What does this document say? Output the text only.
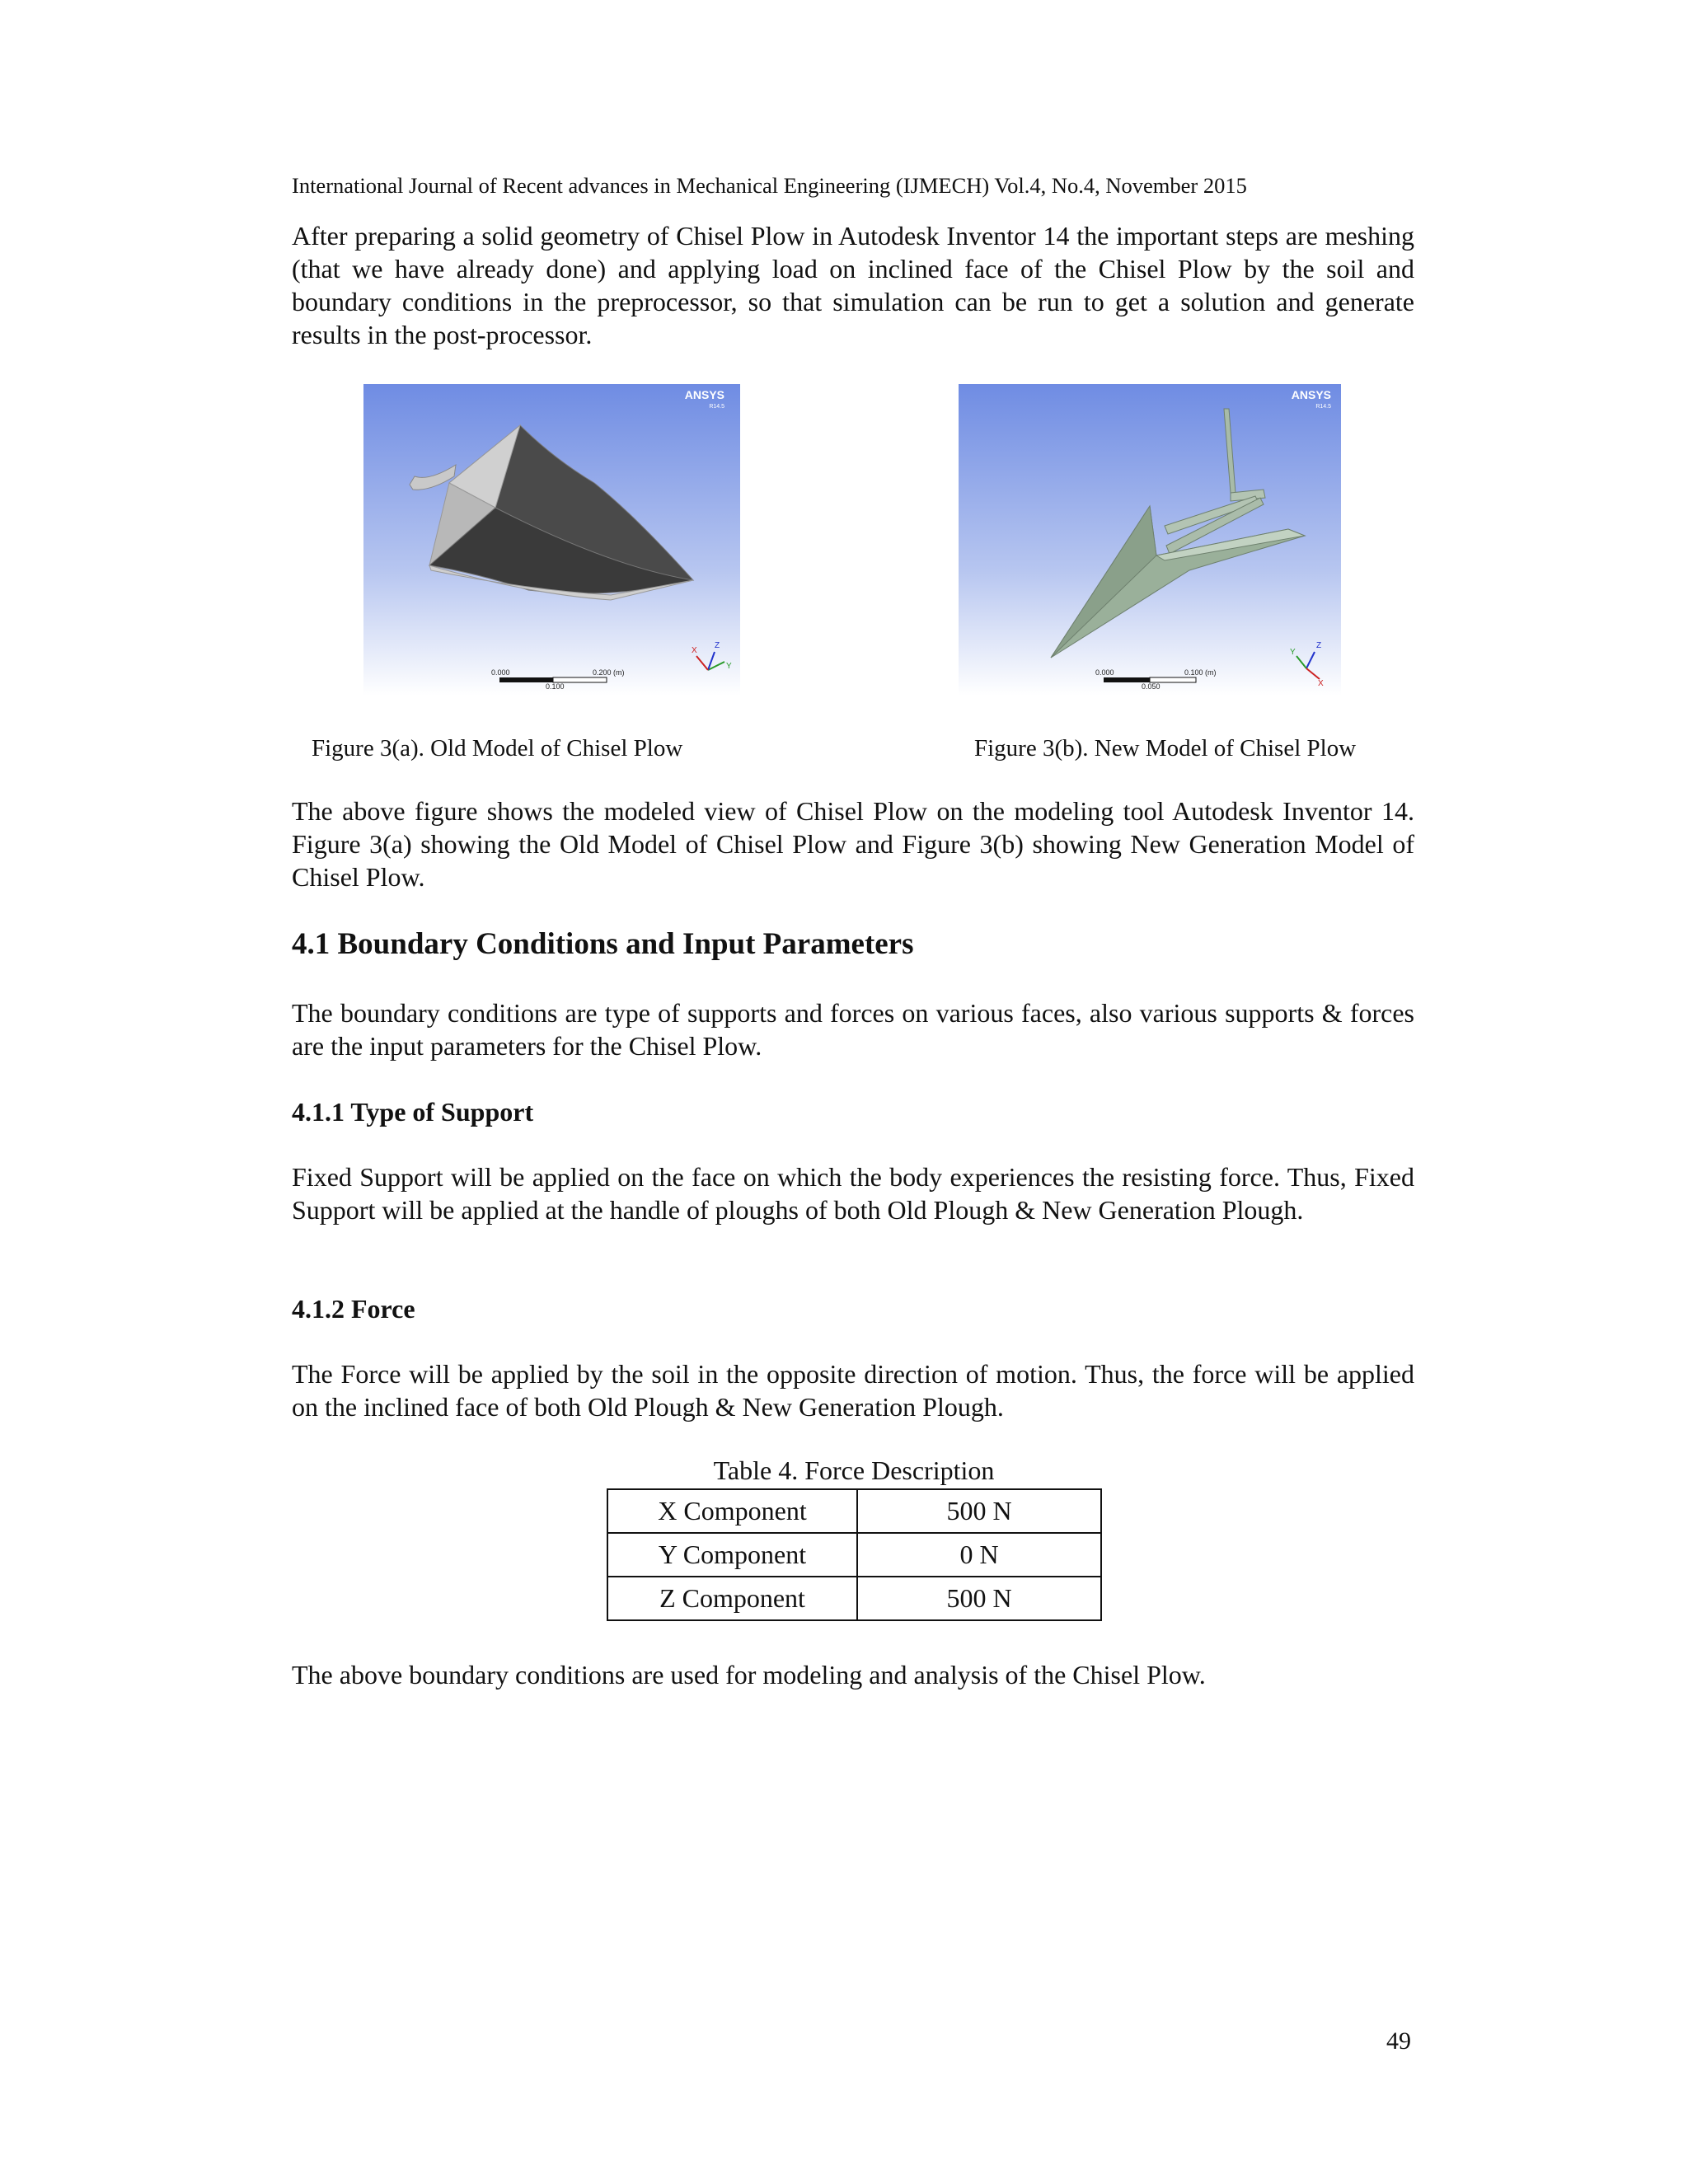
International Journal of Recent advances in Mechanical Engineering (IJMECH) Vol.4, No.4, November 2015
After preparing a solid geometry of Chisel Plow in Autodesk Inventor 14 the important steps are meshing (that we have already done) and applying load on inclined face of the Chisel Plow by the soil and boundary conditions in the preprocessor, so that simulation can be run to get a solution and generate results in the post-processor.
ANSYS
R14.5
X
Z
Y
0.000	0.200 (m)
0.100
Figure 3(a). Old Model of Chisel Plow
ANSYS
R14.5
Y
Z
X
0.000	0.100 (m)
0.050
Figure 3(b). New Model of Chisel Plow
The above figure shows the modeled view of Chisel Plow on the modeling tool Autodesk Inventor 14. Figure 3(a) showing the Old Model of Chisel Plow and Figure 3(b) showing New Generation Model of Chisel Plow.
4.1 Boundary Conditions and Input Parameters
The boundary conditions are type of supports and forces on various faces, also various supports & forces are the input parameters for the Chisel Plow.
4.1.1 Type of Support
Fixed Support will be applied on the face on which the body experiences the resisting force. Thus, Fixed Support will be applied at the handle of ploughs of both Old Plough & New Generation Plough.
4.1.2 Force
The Force will be applied by the soil in the opposite direction of motion. Thus, the force will be applied on the inclined face of both Old Plough & New Generation Plough.
Table 4. Force Description
X Component	500 N
Y Component	0 N
Z Component	500 N
The above boundary conditions are used for modeling and analysis of the Chisel Plow.
49
